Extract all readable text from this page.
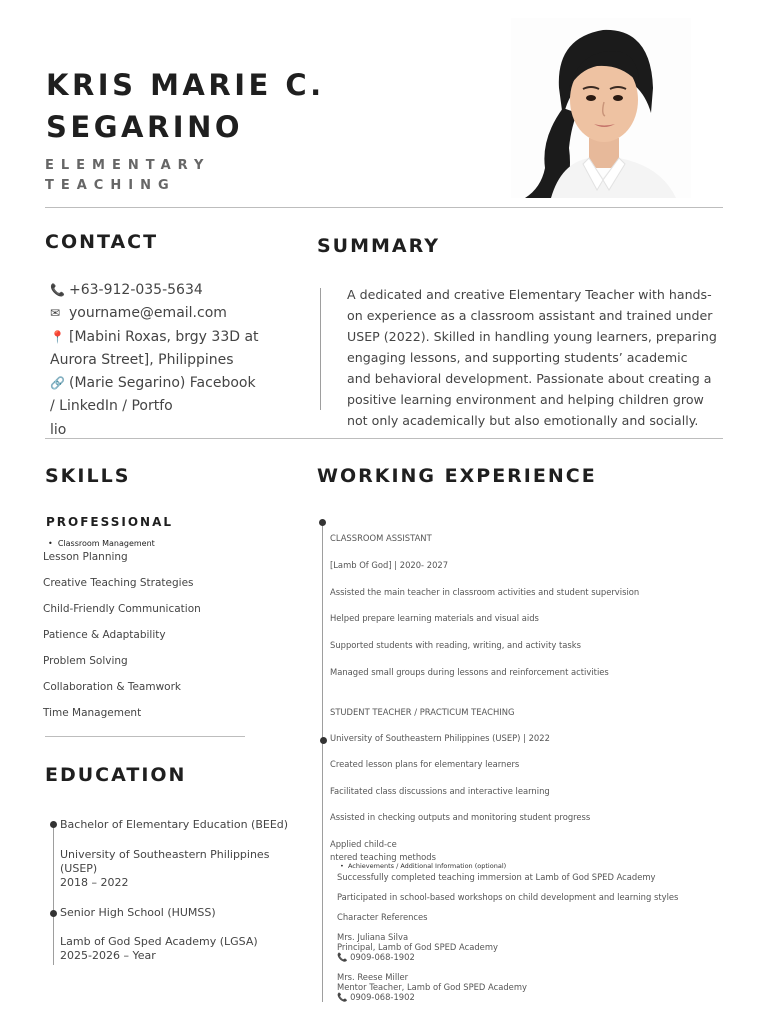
KRIS MARIE C.
SEGARINO
ELEMENTARY
TEACHING
CONTACT
📞 +63-912-035-5634
✉ yourname@email.com
📍 [Mabini Roxas, brgy 33D at
Aurora Street], Philippines
🔗 (Marie Segarino) Facebook
/ LinkedIn / Portfo
lio
SUMMARY
A dedicated and creative Elementary Teacher with hands-
on experience as a classroom assistant and trained under
USEP (2022). Skilled in handling young learners, preparing
engaging lessons, and supporting students’ academic
and behavioral development. Passionate about creating a
positive learning environment and helping children grow
not only academically but also emotionally and socially.
SKILLS
PROFESSIONAL
•  Classroom Management
Lesson Planning
Creative Teaching Strategies
Child-Friendly Communication
Patience & Adaptability
Problem Solving
Collaboration & Teamwork
Time Management
EDUCATION
Bachelor of Elementary Education (BEEd)
University of Southeastern Philippines
(USEP)
2018 – 2022
Senior High School (HUMSS)
Lamb of God Sped Academy (LGSA)
2025-2026 – Year
WORKING EXPERIENCE
CLASSROOM ASSISTANT
[Lamb Of God] | 2020- 2027
Assisted the main teacher in classroom activities and student supervision
Helped prepare learning materials and visual aids
Supported students with reading, writing, and activity tasks
Managed small groups during lessons and reinforcement activities
STUDENT TEACHER / PRACTICUM TEACHING
University of Southeastern Philippines (USEP) | 2022
Created lesson plans for elementary learners
Facilitated class discussions and interactive learning
Assisted in checking outputs and monitoring student progress
Applied child-ce
ntered teaching methods
•  Achievements / Additional Information (optional)
Successfully completed teaching immersion at Lamb of God SPED Academy
Participated in school-based workshops on child development and learning styles
Character References
Mrs. Juliana Silva
Principal, Lamb of God SPED Academy
📞 0909-068-1902
Mrs. Reese Miller
Mentor Teacher, Lamb of God SPED Academy
📞 0909-068-1902
